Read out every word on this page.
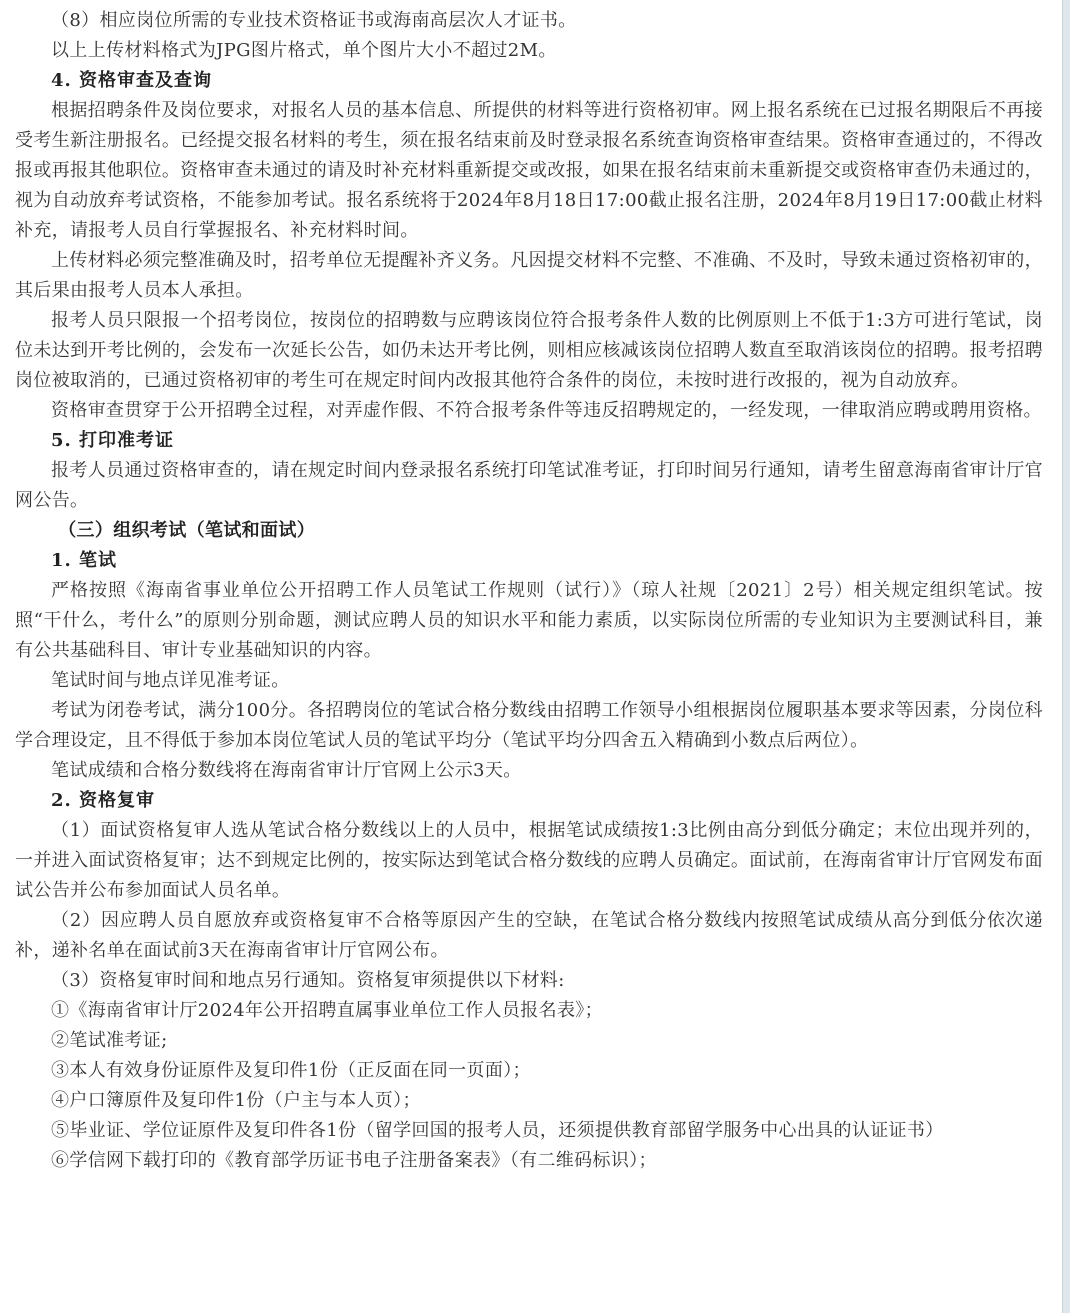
（8）相应岗位所需的专业技术资格证书或海南高层次人才证书。

以上上传材料格式为JPG图片格式，单个图片大小不超过2M。

4. 资格审查及查询

根据招聘条件及岗位要求，对报名人员的基本信息、所提供的材料等进行资格初审。网上报名系统在已过报名期限后不再接受考生新注册报名。已经提交报名材料的考生，须在报名结束前及时登录报名系统查询资格审查结果。资格审查通过的，不得改报或再报其他职位。资格审查未通过的请及时补充材料重新提交或改报，如果在报名结束前未重新提交或资格审查仍未通过的，视为自动放弃考试资格，不能参加考试。报名系统将于2024年8月18日17:00截止报名注册，2024年8月19日17:00截止材料补充，请报考人员自行掌握报名、补充材料时间。

上传材料必须完整准确及时，招考单位无提醒补齐义务。凡因提交材料不完整、不准确、不及时，导致未通过资格初审的，其后果由报考人员本人承担。

报考人员只限报一个招考岗位，按岗位的招聘数与应聘该岗位符合报考条件人数的比例原则上不低于1:3方可进行笔试，岗位未达到开考比例的，会发布一次延长公告，如仍未达开考比例，则相应核减该岗位招聘人数直至取消该岗位的招聘。报考招聘岗位被取消的，已通过资格初审的考生可在规定时间内改报其他符合条件的岗位，未按时进行改报的，视为自动放弃。

资格审查贯穿于公开招聘全过程，对弄虚作假、不符合报考条件等违反招聘规定的，一经发现，一律取消应聘或聘用资格。

5. 打印准考证

报考人员通过资格审查的，请在规定时间内登录报名系统打印笔试准考证，打印时间另行通知，请考生留意海南省审计厅官网公告。

（三）组织考试（笔试和面试）

1. 笔试

严格按照《海南省事业单位公开招聘工作人员笔试工作规则（试行）》（琼人社规〔2021〕2号）相关规定组织笔试。按照“干什么，考什么”的原则分别命题，测试应聘人员的知识水平和能力素质，以实际岗位所需的专业知识为主要测试科目，兼有公共基础科目、审计专业基础知识的内容。

笔试时间与地点详见准考证。

考试为闭卷考试，满分100分。各招聘岗位的笔试合格分数线由招聘工作领导小组根据岗位履职基本要求等因素，分岗位科学合理设定，且不得低于参加本岗位笔试人员的笔试平均分（笔试平均分四舍五入精确到小数点后两位）。

笔试成绩和合格分数线将在海南省审计厅官网上公示3天。

2. 资格复审

（1）面试资格复审人选从笔试合格分数线以上的人员中，根据笔试成绩按1:3比例由高分到低分确定；末位出现并列的，一并进入面试资格复审；达不到规定比例的，按实际达到笔试合格分数线的应聘人员确定。面试前，在海南省审计厅官网发布面试公告并公布参加面试人员名单。

（2）因应聘人员自愿放弃或资格复审不合格等原因产生的空缺，在笔试合格分数线内按照笔试成绩从高分到低分依次递补，递补名单在面试前3天在海南省审计厅官网公布。

（3）资格复审时间和地点另行通知。资格复审须提供以下材料:

①《海南省审计厅2024年公开招聘直属事业单位工作人员报名表》；

②笔试准考证;

③本人有效身份证原件及复印件1份（正反面在同一页面）；

④户口簿原件及复印件1份（户主与本人页）；

⑤毕业证、学位证原件及复印件各1份（留学回国的报考人员，还须提供教育部留学服务中心出具的认证证书）

⑥学信网下载打印的《教育部学历证书电子注册备案表》（有二维码标识）；
